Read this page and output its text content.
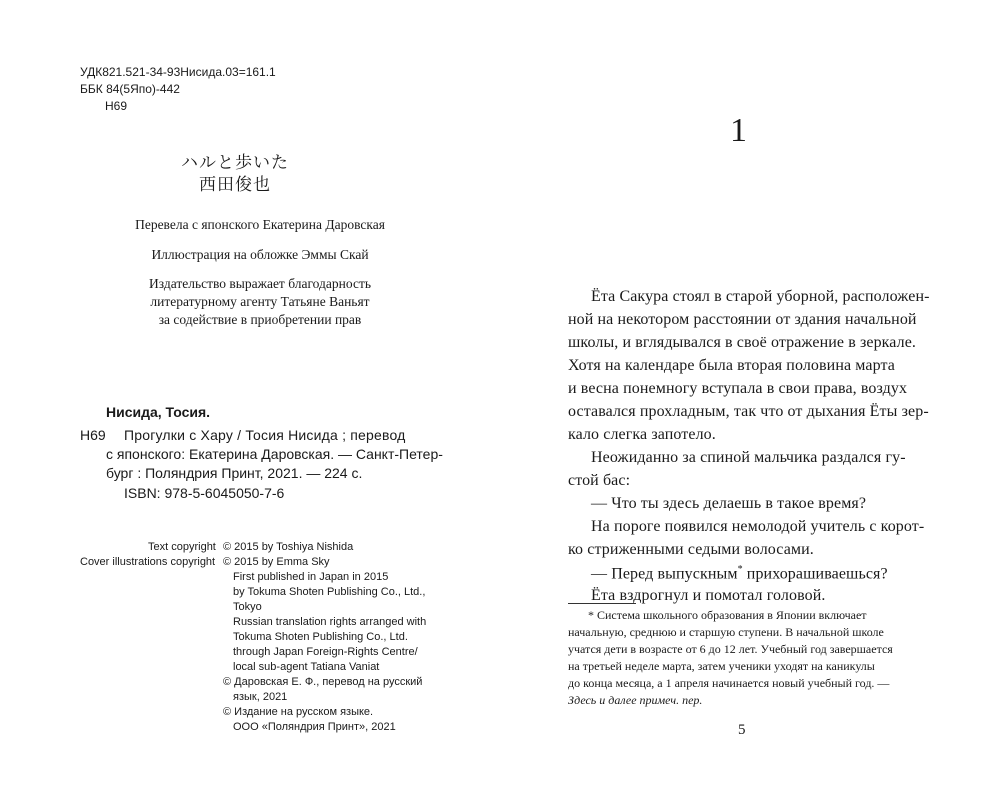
УДК821.521-34-93Нисида.03=161.1
ББК 84(5Япо)-442
Н69
ハルと歩いた
西田俊也
Перевела с японского Екатерина Даровская
Иллюстрация на обложке Эммы Скай
Издательство выражает благодарность
литературному агенту Татьяне Ваньят
за содействие в приобретении прав
Нисида, Тосия.
Н69 Прогулки с Хару / Тосия Нисида ; перевод
с японского: Екатерина Даровская. — Санкт-Петер-
бург : Поляндрия Принт, 2021. — 224 с.
ISBN: 978-5-6045050-7-6
Text copyright
Cover illustrations copyright
© 2015 by Toshiya Nishida
© 2015 by Emma Sky
First published in Japan in 2015
by Tokuma Shoten Publishing Co., Ltd.,
Tokyo
Russian translation rights arranged with
Tokuma Shoten Publishing Co., Ltd.
through Japan Foreign-Rights Centre/
local sub-agent Tatiana Vaniat
© Даровская Е. Ф., перевод на русский
язык, 2021
© Издание на русском языке.
ООО «Поляндрия Принт», 2021
1
Ёта Сакура стоял в старой уборной, расположен-
ной на некотором расстоянии от здания начальной
школы, и вглядывался в своё отражение в зеркале.
Хотя на календаре была вторая половина марта
и весна понемногу вступала в свои права, воздух
оставался прохладным, так что от дыхания Ёты зер-
кало слегка запотело.
Неожиданно за спиной мальчика раздался гу-
стой бас:
— Что ты здесь делаешь в такое время?
На пороге появился немолодой учитель с корот-
ко стриженными седыми волосами.
— Перед выпускным* прихорашиваешься?
Ёта вздрогнул и помотал головой.
* Система школьного образования в Японии включает
начальную, среднюю и старшую ступени. В начальной школе
учатся дети в возрасте от 6 до 12 лет. Учебный год завершается
на третьей неделе марта, затем ученики уходят на каникулы
до конца месяца, а 1 апреля начинается новый учебный год. —
Здесь и далее примеч. пер.
5
